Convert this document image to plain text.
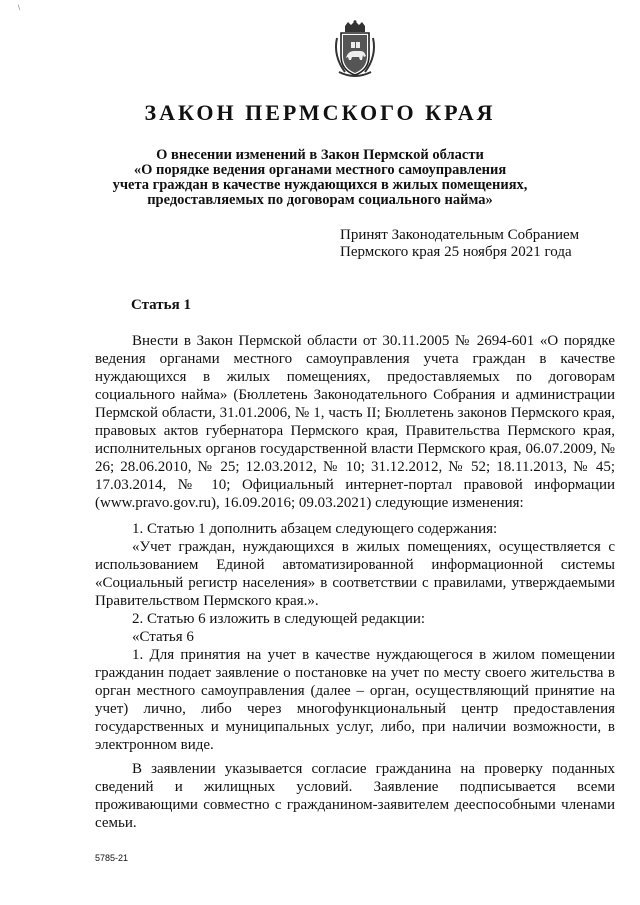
\
ЗАКОН ПЕРМСКОГО КРАЯ
О внесении изменений в Закон Пермской области
«О порядке ведения органами местного самоуправления
учета граждан в качестве нуждающихся в жилых помещениях,
предоставляемых по договорам социального найма»
Принят Законодательным Собранием
Пермского края 25 ноября 2021 года
Статья 1

Внести в Закон Пермской области от 30.11.2005 № 2694-601 «О порядке ведения органами местного самоуправления учета граждан в качестве нуждающихся в жилых помещениях, предоставляемых по договорам социального найма» (Бюллетень Законодательного Собрания и администрации Пермской области, 31.01.2006, № 1, часть II; Бюллетень законов Пермского края, правовых актов губернатора Пермского края, Правительства Пермского края, исполнительных органов государственной власти Пермского края, 06.07.2009, № 26; 28.06.2010, № 25; 12.03.2012, № 10; 31.12.2012, № 52; 18.11.2013, № 45; 17.03.2014, № 10; Официальный интернет-портал правовой информации (www.pravo.gov.ru), 16.09.2016; 09.03.2021) следующие изменения:

1. Статью 1 дополнить абзацем следующего содержания:

«Учет граждан, нуждающихся в жилых помещениях, осуществляется с использованием Единой автоматизированной информационной системы «Социальный регистр населения» в соответствии с правилами, утверждаемыми Правительством Пермского края.».

2. Статью 6 изложить в следующей редакции:

«Статья 6

1. Для принятия на учет в качестве нуждающегося в жилом помещении гражданин подает заявление о постановке на учет по месту своего жительства в орган местного самоуправления (далее – орган, осуществляющий принятие на учет) лично, либо через многофункциональный центр предоставления государственных и муниципальных услуг, либо, при наличии возможности, в электронном виде.

В заявлении указывается согласие гражданина на проверку поданных сведений и жилищных условий. Заявление подписывается всеми проживающими совместно с гражданином-заявителем дееспособными членами семьи.

5785-21
